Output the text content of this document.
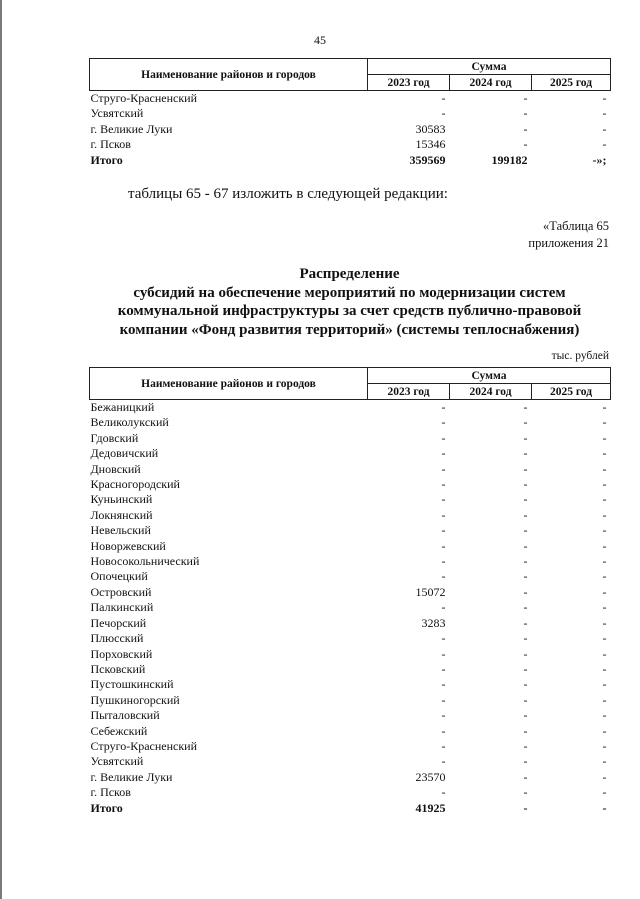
45
Наименование районов и городов	Сумма		
	2023 год	2024 год	2025 год
Струго-Красненский	-	-	-
Усвятский	-	-	-
г. Великие Луки	30583	-	-
г. Псков	15346	-	-
Итого	359569	199182	-»;
таблицы 65 - 67 изложить в следующей редакции:
«Таблица 65
приложения 21
Распределение
субсидий на обеспечение мероприятий по модернизации систем
коммунальной инфраструктуры за счет средств публично-правовой
компании «Фонд развития территорий» (системы теплоснабжения)
тыс. рублей
Наименование районов и городов	Сумма		
	2023 год	2024 год	2025 год
Бежаницкий	-	-	-
Великолукский	-	-	-
Гдовский	-	-	-
Дедовичский	-	-	-
Дновский	-	-	-
Красногородский	-	-	-
Куньинский	-	-	-
Локнянский	-	-	-
Невельский	-	-	-
Новоржевский	-	-	-
Новосокольнический	-	-	-
Опочецкий	-	-	-
Островский	15072	-	-
Палкинский	-	-	-
Печорский	3283	-	-
Плюсский	-	-	-
Порховский	-	-	-
Псковский	-	-	-
Пустошкинский	-	-	-
Пушкиногорский	-	-	-
Пыталовский	-	-	-
Себежский	-	-	-
Струго-Красненский	-	-	-
Усвятский	-	-	-
г. Великие Луки	23570	-	-
г. Псков	-	-	-
Итого	41925	-	-
